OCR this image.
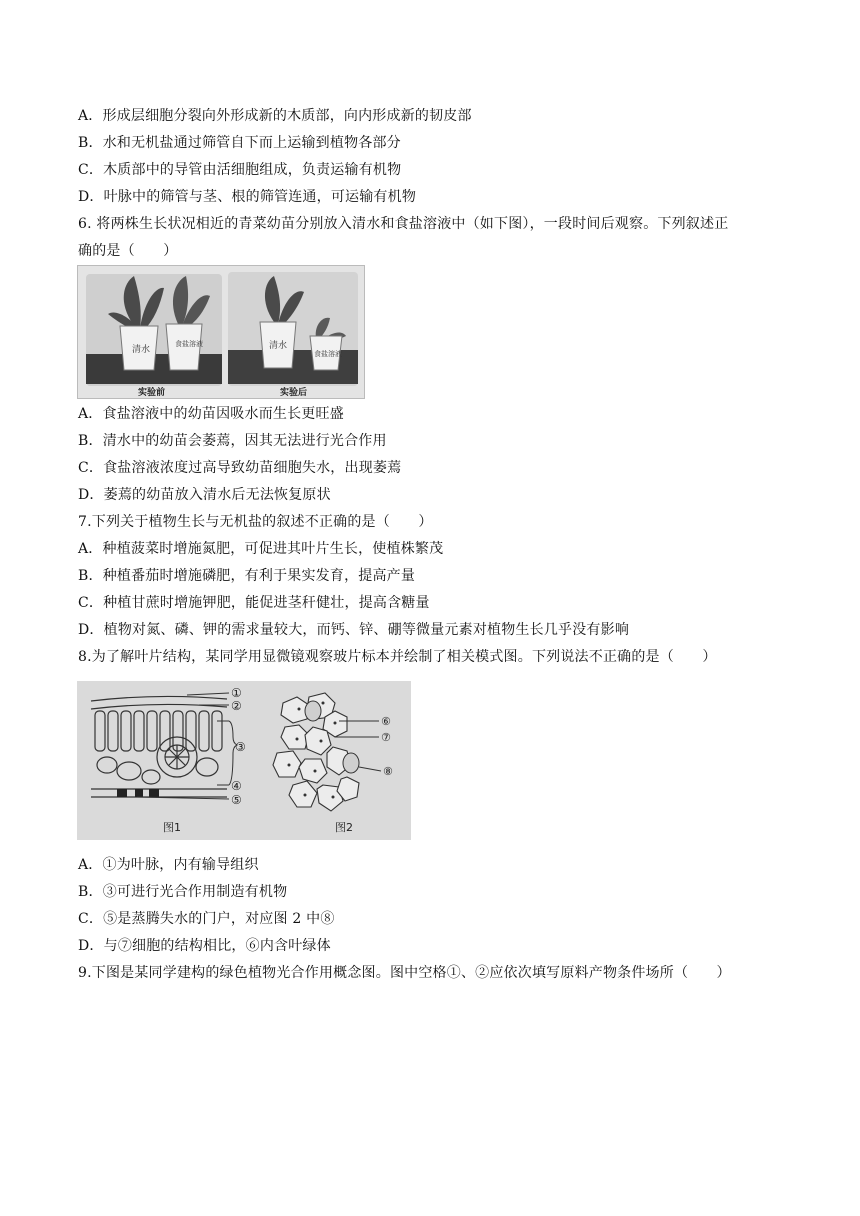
A．形成层细胞分裂向外形成新的木质部，向内形成新的韧皮部
B．水和无机盐通过筛管自下而上运输到植物各部分
C．木质部中的导管由活细胞组成，负责运输有机物
D．叶脉中的筛管与茎、根的筛管连通，可运输有机物
6. 将两株生长状况相近的青菜幼苗分别放入清水和食盐溶液中（如下图），一段时间后观察。下列叙述正
确的是（　　）
清水
食盐溶液	清水
食盐溶液
实验前	实验后
A．食盐溶液中的幼苗因吸水而生长更旺盛
B．清水中的幼苗会萎蔫，因其无法进行光合作用
C．食盐溶液浓度过高导致幼苗细胞失水，出现萎蔫
D．萎蔫的幼苗放入清水后无法恢复原状
7.下列关于植物生长与无机盐的叙述不正确的是（　　）
A．种植菠菜时增施氮肥，可促进其叶片生长，使植株繁茂
B．种植番茄时增施磷肥，有利于果实发育，提高产量
C．种植甘蔗时增施钾肥，能促进茎秆健壮，提高含糖量
D．植物对氮、磷、钾的需求量较大，而钙、锌、硼等微量元素对植物生长几乎没有影响
8.为了解叶片结构，某同学用显微镜观察玻片标本并绘制了相关模式图。下列说法不正确的是（　　）
①
②
③
④
⑤
⑥
⑦
⑧
图1	图2
A．①为叶脉，内有输导组织
B．③可进行光合作用制造有机物
C．⑤是蒸腾失水的门户，对应图 2 中⑧
D．与⑦细胞的结构相比，⑥内含叶绿体
9.下图是某同学建构的绿色植物光合作用概念图。图中空格①、②应依次填写原料产物条件场所（　　）
